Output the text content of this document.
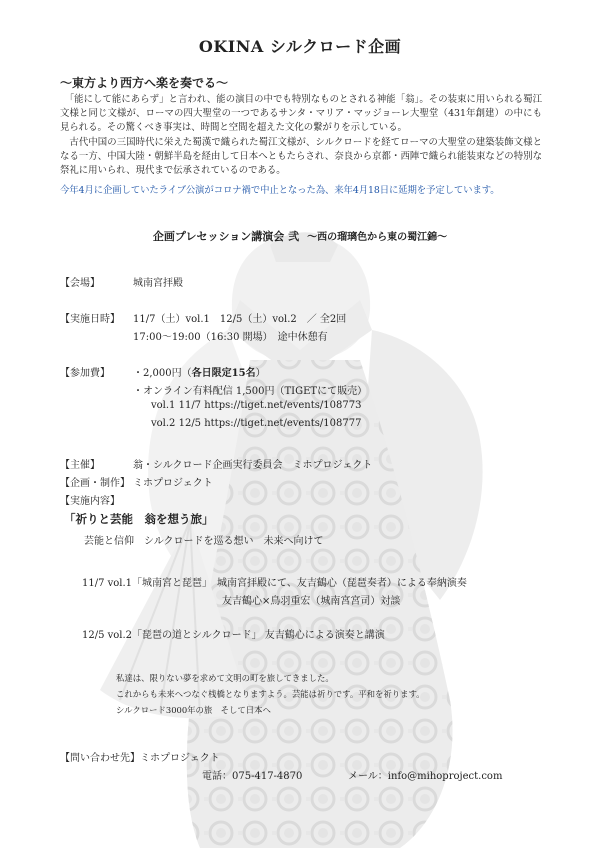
OKINA シルクロード企画
〜東方より西方へ楽を奏でる〜

「能にして能にあらず」と言われ、能の演目の中でも特別なものとされる神能「翁」。その装束に用いられる蜀江文様と同じ文様が、ローマの四大聖堂の一つであるサンタ・マリア・マッジョーレ大聖堂（431年創建）の中にも見られる。その驚くべき事実は、時間と空間を超えた文化の繋がりを示している。

古代中国の三国時代に栄えた蜀漢で織られた蜀江文様が、シルクロードを経てローマの大聖堂の建築装飾文様となる一方、中国大陸・朝鮮半島を経由して日本へともたらされ、奈良から京都・西陣で織られ能装束などの特別な祭礼に用いられ、現代まで伝承されているのである。

今年4月に企画していたライブ公演がコロナ禍で中止となった為、来年4月18日に延期を予定しています。
企画プレセッション講演会 弐 〜西の瑠璃色から東の蜀江錦〜
【会場】	城南宮拝殿
【実施日時】 11/7（土）vol.1　12/5（土）vol.2　／ 全2回
17:00〜19:00（16:30 開場）　途中休憩有
【参加費】 ・2,000円（各日限定15名）
・オンライン有料配信 1,500円（TIGETにて販売）
vol.1 11/7 https://tiget.net/events/108773
vol.2 12/5 https://tiget.net/events/108777
【主催】	翁・シルクロード企画実行委員会　ミホプロジェクト
【企画・制作】 ミホプロジェクト
【実施内容】
「祈りと芸能　翁を想う旅」
芸能と信仰　シルクロードを巡る想い　未来へ向けて
11/7 vol.1「城南宮と琵琶」　城南宮拝殿にて、友吉鶴心（琵琶奏者）による奉納演奏
友吉鶴心×鳥羽重宏（城南宮宮司）対談
12/5 vol.2「琵琶の道とシルクロード」 友吉鶴心による演奏と講演
私達は、限りない夢を求めて文明の町を旅してきました。
これからも未来へつなぐ桟橋となりますよう。芸能は祈りです。平和を祈ります。
シルクロード3000年の旅　そして日本へ
【問い合わせ先】ミホプロジェクト
電話：075-417-4870	メール：info@mihoproject.com
